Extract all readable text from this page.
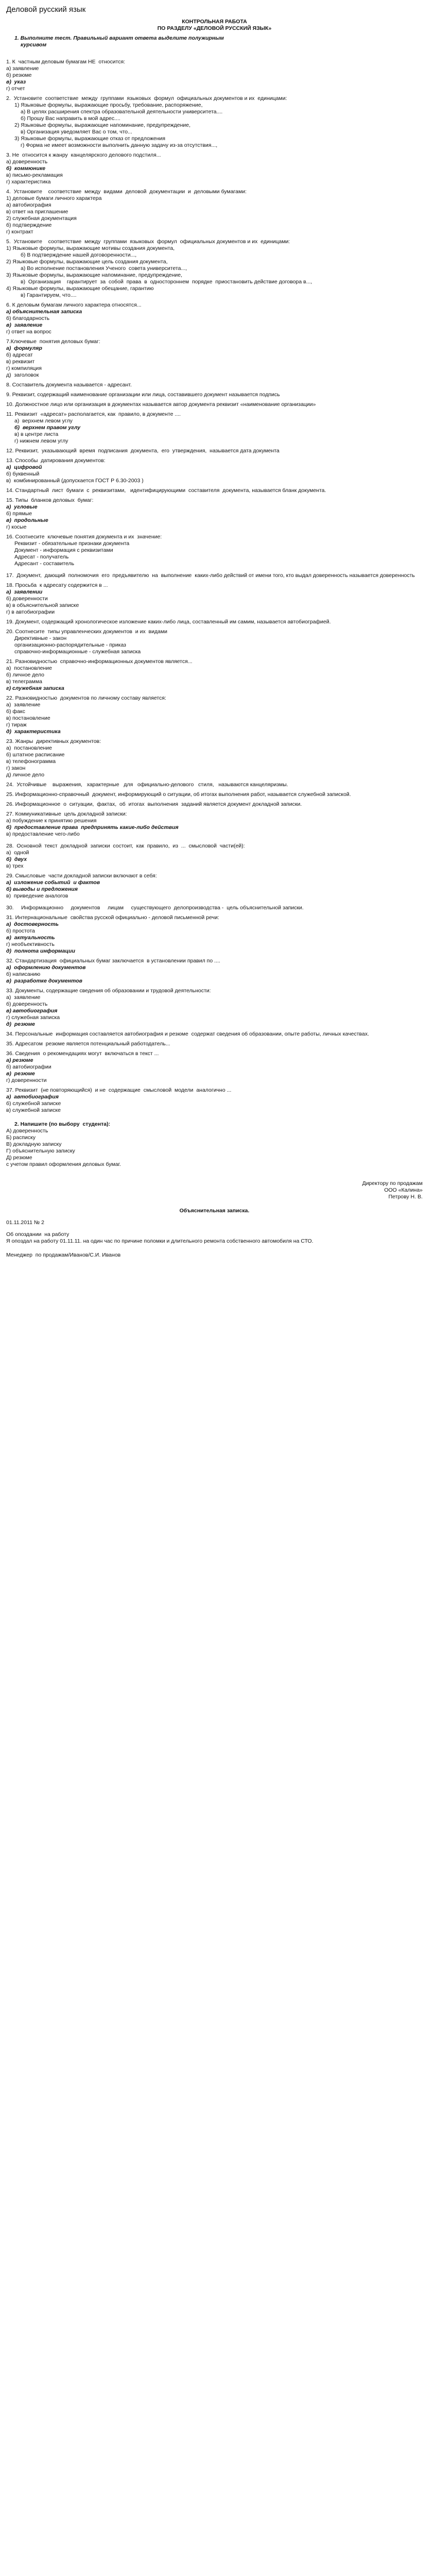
Деловой русский язык
КОНТРОЛЬНАЯ РАБОТА
ПО РАЗДЕЛУ «ДЕЛОВОЙ РУССКИЙ ЯЗЫК»
1. Выполните тест. Правильный вариант ответа выделите полужирным
курсивом
1. К  частным деловым бумагам НЕ  относится:
а) заявление
б) резюме
в)  указ
г) отчет
2.  Установите  соответствие  между  группами  языковых  формул  официальных документов и их  единицами:
1) Языковые формулы, выражающие просьбу, требование, распоряжение,
а) В целях расширения спектра образовательной деятельности университета....
б) Прошу Вас направить в мой адрес....
2) Языковые формулы, выражающие напоминание, предупреждение,
в) Организация уведомляет Вас о том, что...
3) Языковые формулы, выражающие отказ от предложения
г) Форма не имеет возможности выполнить данную задачу из-за отсутствия...,
3. Не  относится к жанру  канцелярского делового подстиля...
а) доверенность
б)  коммюнике
в) письмо-рекламация
г) характеристика
4.  Установите    соответствие  между  видами  деловой  документации  и  деловыми бумагами:
1) деловые бумаги личного характера
а) автобиография
в) ответ на приглашение
2) служебная документация
б) подтверждение
г) контракт
5.  Установите    соответствие  между  группами  языковых  формул  официальных документов и их  единицами:
1) Языковые формулы, выражающие мотивы создания документа,
б) В подтверждение нашей договоренности...,
2) Языковые формулы, выражающие цель создания документа,
а) Во исполнение постановления Ученого  совета университета...,
3) Языковые формулы, выражающие напоминание, предупреждение,
в)  Организация    гарантирует  за  собой  права  в  одностороннем  порядке  приостановить действие договора в...,
4) Языковые формулы, выражающие обещание, гарантию
в) Гарантируем, что....
6. К деловым бумагам личного характера относятся...
а) объяснительная записка
б) благодарность
в)  заявление
г) ответ на вопрос
7.Ключевые  понятия деловых бумаг:
а)  формуляр
б) адресат
в) реквизит
г) компиляция
д)  заголовок
8. Составитель документа называется - адресант.
9. Реквизит, содержащий наименование организации или лица, составившего документ называется подпись
10. Должностное лицо или организация в документах называется автор документа реквизит «наименование организации»
11. Реквизит  «адресат» располагается, как  правило, в документе ....
а)  верхнем левом углу
б)  верхнем правом углу
в) в центре листа
г) нижнем левом углу
12. Реквизит,  указывающий  время  подписания  документа,  его  утверждения,  называется дата документа
13. Способы  датирования документов:
а)  цифровой
б) буквенный
в)  комбинированный (допускается ГОСТ Р 6.30-2003 )
14. Стандартный  лист  бумаги  с  реквизитами,   идентифицирующими  составителя  документа, называется бланк документа.
15. Типы  бланков деловых  бумаг:
а)  угловые
б) прямые
в)  продольные
г) косые
16. Соотнесите  ключевые понятия документа и их  значение:
Реквизит - обязательные признаки документа
Документ - информация с реквизитами
Адресат - получатель
Адресант - составитель
17.  Документ,  дающий  полномочия  его  предъявителю  на  выполнение  каких-либо действий от имени того, кто выдал доверенность называется доверенность
18. Просьба  к адресату содержится в ...
а)  заявлении
б) доверенности
в) в объяснительной записке
г) в автобиографии
19. Документ, содержащий хронологическое изложение каких-либо лица, составленный им самим, называется автобиографией.
20. Соотнесите  типы управленческих документов  и их  видами
Директивные - закон
организационно-распорядительные - приказ
справочно-информационные - служебная записка
21. Разновидностью  справочно-информационных документов является...
а)  постановление
б) личное дело
в) телеграмма
г) служебная записка
22. Разновидностью  документов по личному составу является:
а)  заявление
б) факс
в) постановление
г) тираж
д)  характеристика
23. Жанры  директивных документов:
а)  постановление
б) штатное расписание
в) телефонограмма
г) закон
д) личное дело
24.  Устойчивые    выражения,   характерные   для   официально-делового   стиля,   называются канцеляризмы.
25. Информационно-справочный  документ, информирующий о ситуации, об итогах выполнения работ, называется служебной запиской.
26. Информационное  о  ситуации,  фактах,  об  итогах  выполнения  заданий является документ докладной записки.
27. Коммуникативные  цель докладной записки:
а) побуждение к принятию решения
б)  предоставление права  предпринять какие-либо действия
в) предоставление чего-либо
28.  Основной  текст  докладной  записки  состоит,  как  правило,  из  ...  смысловой  части(ей):
а)  одной
б)  двух
в) трех
29. Смысловые  части докладной записки включают в себя:
а)  изложение событий  и фактов
б) выводы и предложения
в)  приведение аналогов
30.     Информационно     документов     лицам     существующего  делопроизводства -  цель объяснительной записки.
31. Интернациональные  свойства русской официально - деловой письменной речи:
а)  достоверность
б) простота
в)  актуальность
г) необъективность
д)  полнота информации
32. Стандартизация  официальных бумаг заключается  в установлении правил по ....
а)  оформлению документов
б) написанию
в)  разработке документов
33. Документы, содержащие сведения об образовании и трудовой деятельности:
а)  заявление
б) доверенность
в) автобиография
г) служебная записка
д)  резюме
34. Персональные  информация составляется автобиография и резюме  содержат сведения об образовании, опыте работы, личных качествах.
35. Адресатом  резюме является потенциальный работодатель...
36. Сведения  о рекомендациях могут  включаться в текст ...
а) резюме
б) автобиографии
в)  резюме
г) доверенности
37. Реквизит  (не повторяющийся)  и не  содержащие  смысловой  модели  аналогично ...
а)  автобиография
б) служебной записке
в) служебной записке
2. Напишите (по выбору  студента):
А) доверенность
Б) расписку
В) докладную записку
Г) объяснительную записку
Д) резюме
с учетом правил оформления деловых бумаг.
Директору по продажам
ООО «Калина»
Петрову Н. В.
Объяснительная записка.
01.11.2011 № 2
Об опоздании  на работу
Я опоздал на работу 01.11.11. на один час по причине поломки и длительного ремонта собственного автомобиля на СТО.
Менеджер  по продажам/Иванов/С.И. Иванов
